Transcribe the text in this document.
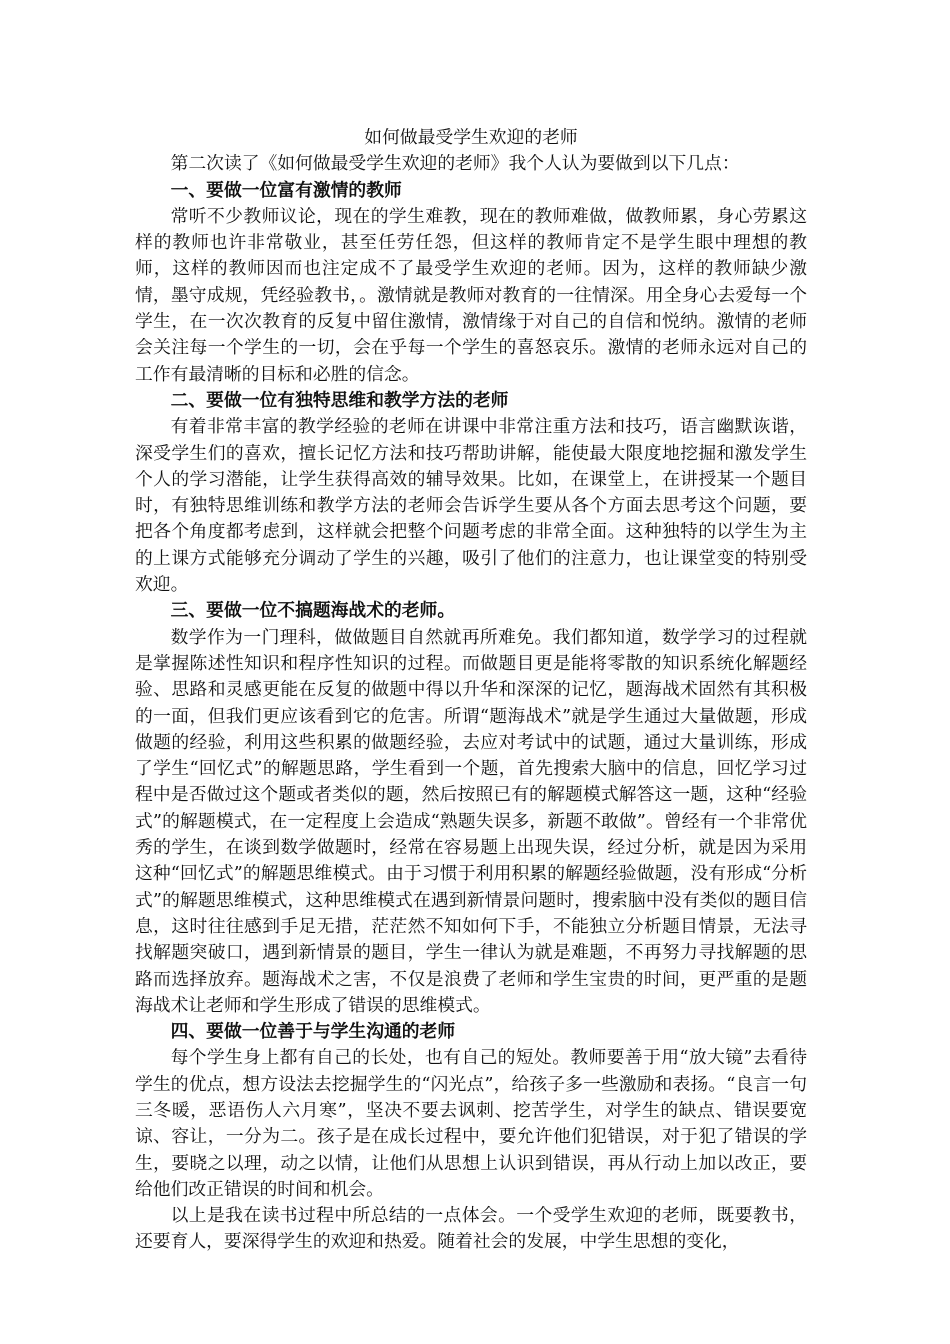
如何做最受学生欢迎的老师

第二次读了《如何做最受学生欢迎的老师》我个人认为要做到以下几点：

一、要做一位富有激情的教师

常听不少教师议论，现在的学生难教，现在的教师难做，做教师累，身心劳累这样的教师也许非常敬业，甚至任劳任怨，但这样的教师肯定不是学生眼中理想的教师，这样的教师因而也注定成不了最受学生欢迎的老师。因为，这样的教师缺少激情，墨守成规，凭经验教书，。激情就是教师对教育的一往情深。用全身心去爱每一个学生，在一次次教育的反复中留住激情，激情缘于对自己的自信和悦纳。激情的老师会关注每一个学生的一切，会在乎每一个学生的喜怒哀乐。激情的老师永远对自己的工作有最清晰的目标和必胜的信念。

二、要做一位有独特思维和教学方法的老师

有着非常丰富的教学经验的老师在讲课中非常注重方法和技巧，语言幽默诙谐，深受学生们的喜欢，擅长记忆方法和技巧帮助讲解，能使最大限度地挖掘和激发学生个人的学习潜能，让学生获得高效的辅导效果。比如，在课堂上，在讲授某一个题目时，有独特思维训练和教学方法的老师会告诉学生要从各个方面去思考这个问题，要把各个角度都考虑到，这样就会把整个问题考虑的非常全面。这种独特的以学生为主的上课方式能够充分调动了学生的兴趣，吸引了他们的注意力，也让课堂变的特别受欢迎。

三、要做一位不搞题海战术的老师。

数学作为一门理科，做做题目自然就再所难免。我们都知道，数学学习的过程就是掌握陈述性知识和程序性知识的过程。而做题目更是能将零散的知识系统化解题经验、思路和灵感更能在反复的做题中得以升华和深深的记忆，题海战术固然有其积极的一面，但我们更应该看到它的危害。所谓“题海战术”就是学生通过大量做题，形成做题的经验，利用这些积累的做题经验，去应对考试中的试题，通过大量训练，形成了学生“回忆式”的解题思路，学生看到一个题，首先搜索大脑中的信息，回忆学习过程中是否做过这个题或者类似的题，然后按照已有的解题模式解答这一题，这种“经验式”的解题模式，在一定程度上会造成“熟题失误多，新题不敢做”。曾经有一个非常优秀的学生，在谈到数学做题时，经常在容易题上出现失误，经过分析，就是因为采用这种“回忆式”的解题思维模式。由于习惯于利用积累的解题经验做题，没有形成“分析式”的解题思维模式，这种思维模式在遇到新情景问题时，搜索脑中没有类似的题目信息，这时往往感到手足无措，茫茫然不知如何下手，不能独立分析题目情景，无法寻找解题突破口，遇到新情景的题目，学生一律认为就是难题，不再努力寻找解题的思路而选择放弃。题海战术之害，不仅是浪费了老师和学生宝贵的时间，更严重的是题海战术让老师和学生形成了错误的思维模式。

四、要做一位善于与学生沟通的老师

每个学生身上都有自己的长处，也有自己的短处。教师要善于用“放大镜”去看待学生的优点，想方设法去挖掘学生的“闪光点”，给孩子多一些激励和表扬。“良言一句三冬暖，恶语伤人六月寒”，坚决不要去讽刺、挖苦学生，对学生的缺点、错误要宽谅、容让，一分为二。孩子是在成长过程中，要允许他们犯错误，对于犯了错误的学生，要晓之以理，动之以情，让他们从思想上认识到错误，再从行动上加以改正，要给他们改正错误的时间和机会。

以上是我在读书过程中所总结的一点体会。一个受学生欢迎的老师，既要教书，还要育人，要深得学生的欢迎和热爱。随着社会的发展，中学生思想的变化，
